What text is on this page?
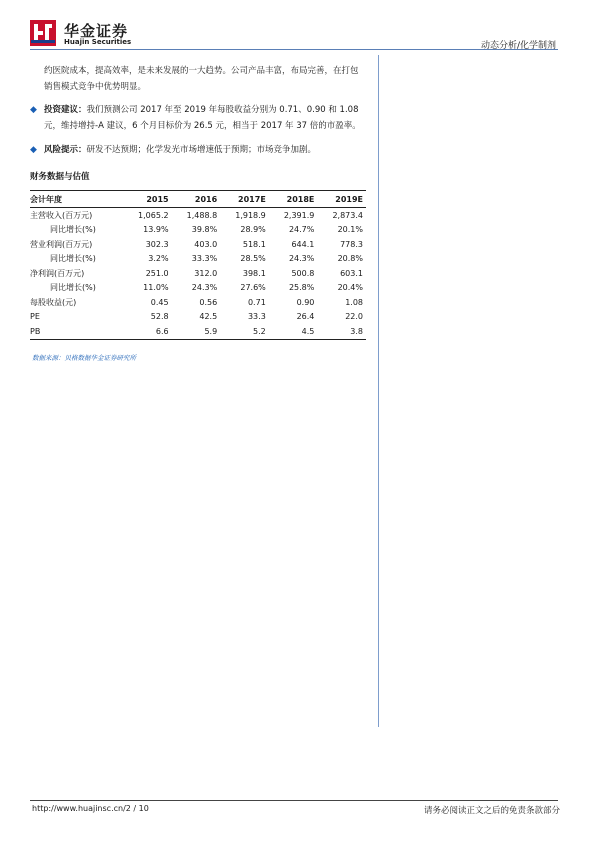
华金证券
Huajin Securities	动态分析/化学制剂

约医院成本，提高效率，是未来发展的一大趋势。公司产品丰富，布局完善，在打包销售模式竞争中优势明显。

◆ 投资建议：我们预测公司 2017 年至 2019 年每股收益分别为 0.71、0.90 和 1.08 元，维持增持-A 建议，6 个月目标价为 26.5 元，相当于 2017 年 37 倍的市盈率。

◆ 风险提示：研发不达预期；化学发光市场增速低于预期；市场竞争加剧。

财务数据与估值
会计年度	2015	2016	2017E	2018E	2019E
主营收入(百万元)	1,065.2	1,488.8	1,918.9	2,391.9	2,873.4
同比增长(%)	13.9%	39.8%	28.9%	24.7%	20.1%
营业利润(百万元)	302.3	403.0	518.1	644.1	778.3
同比增长(%)	3.2%	33.3%	28.5%	24.3%	20.8%
净利润(百万元)	251.0	312.0	398.1	500.8	603.1
同比增长(%)	11.0%	24.3%	27.6%	25.8%	20.4%
每股收益(元)	0.45	0.56	0.71	0.90	1.08
PE	52.8	42.5	33.3	26.4	22.0
PB	6.6	5.9	5.2	4.5	3.8
数据来源：贝格数据华金证券研究所
http://www.huajinsc.cn/2 / 10	请务必阅读正文之后的免责条款部分
